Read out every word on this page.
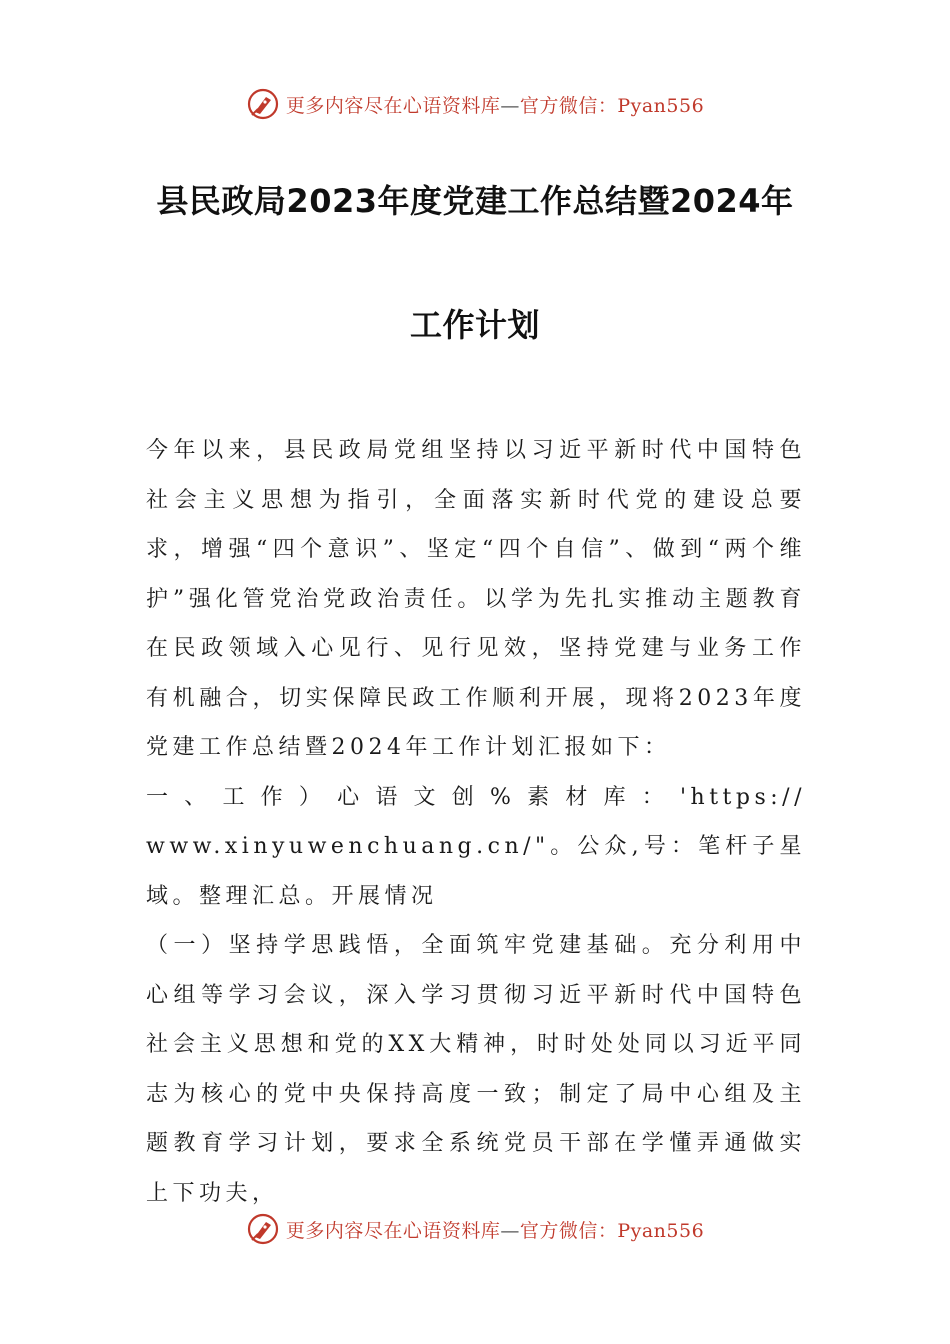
更多内容尽在心语资料库—官方微信：Pyan556
县民政局2023年度党建工作总结暨2024年
工作计划

今年以来，县民政局党组坚持以习近平新时代中国特色社会主义思想为指引，全面落实新时代党的建设总要求，增强“四个意识”、坚定“四个自信”、做到“两个维护”强化管党治党政治责任。以学为先扎实推动主题教育在民政领域入心见行、见行见效，坚持党建与业务工作有机融合，切实保障民政工作顺利开展，现将2023年度党建工作总结暨2024年工作计划汇报如下：

一、工作）心语文创%素材库：'https://

www.xinyuwenchuang.cn/"。公众,号：笔杆子星域。整理汇总。开展情况

（一）坚持学思践悟，全面筑牢党建基础。充分利用中心组等学习会议，深入学习贯彻习近平新时代中国特色社会主义思想和党的XX大精神，时时处处同以习近平同志为核心的党中央保持高度一致；制定了局中心组及主题教育学习计划，要求全系统党员干部在学懂弄通做实上下功夫，

更多内容尽在心语资料库—官方微信：Pyan556
